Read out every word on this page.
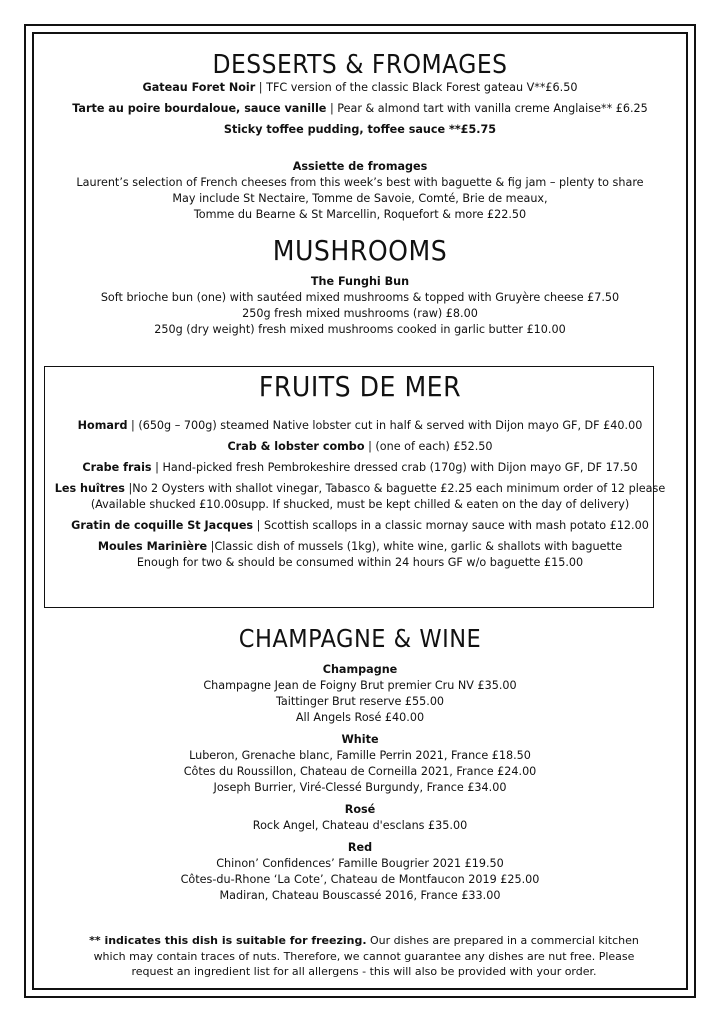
DESSERTS & FROMAGES

Gateau Foret Noir | TFC version of the classic Black Forest gateau V**£6.50

Tarte au poire bourdaloue, sauce vanille | Pear & almond tart with vanilla creme Anglaise** £6.25

Sticky toffee pudding, toffee sauce **£5.75

Assiette de fromages

Laurent’s selection of French cheeses from this week’s best with baguette & fig jam – plenty to share

May include St Nectaire, Tomme de Savoie, Comté, Brie de meaux,

Tomme du Bearne & St Marcellin, Roquefort & more £22.50

MUSHROOMS

The Funghi Bun

Soft brioche bun (one) with sautéed mixed mushrooms & topped with Gruyère cheese £7.50

250g fresh mixed mushrooms (raw) £8.00

250g (dry weight) fresh mixed mushrooms cooked in garlic butter £10.00

FRUITS DE MER

Homard | (650g – 700g) steamed Native lobster cut in half & served with Dijon mayo GF, DF £40.00

Crab & lobster combo | (one of each) £52.50

Crabe frais | Hand-picked fresh Pembrokeshire dressed crab (170g) with Dijon mayo GF, DF 17.50

Les huîtres |No 2 Oysters with shallot vinegar, Tabasco & baguette £2.25 each minimum order of 12 please

(Available shucked £10.00supp. If shucked, must be kept chilled & eaten on the day of delivery)

Gratin de coquille St Jacques | Scottish scallops in a classic mornay sauce with mash potato £12.00

Moules Marinière |Classic dish of mussels (1kg), white wine, garlic & shallots with baguette

Enough for two & should be consumed within 24 hours GF w/o baguette £15.00

CHAMPAGNE & WINE

Champagne

Champagne Jean de Foigny Brut premier Cru NV £35.00

Taittinger Brut reserve £55.00

All Angels Rosé £40.00

White

Luberon, Grenache blanc, Famille Perrin 2021, France £18.50

Côtes du Roussillon, Chateau de Corneilla 2021, France £24.00

Joseph Burrier, Viré-Clessé Burgundy, France £34.00

Rosé

Rock Angel, Chateau d'esclans £35.00

Red

Chinon’ Confidences’ Famille Bougrier 2021 £19.50

Côtes-du-Rhone ‘La Cote’, Chateau de Montfaucon 2019 £25.00

Madiran, Chateau Bouscassé 2016, France £33.00

** indicates this dish is suitable for freezing. Our dishes are prepared in a commercial kitchen which may contain traces of nuts. Therefore, we cannot guarantee any dishes are nut free. Please request an ingredient list for all allergens - this will also be provided with your order.
